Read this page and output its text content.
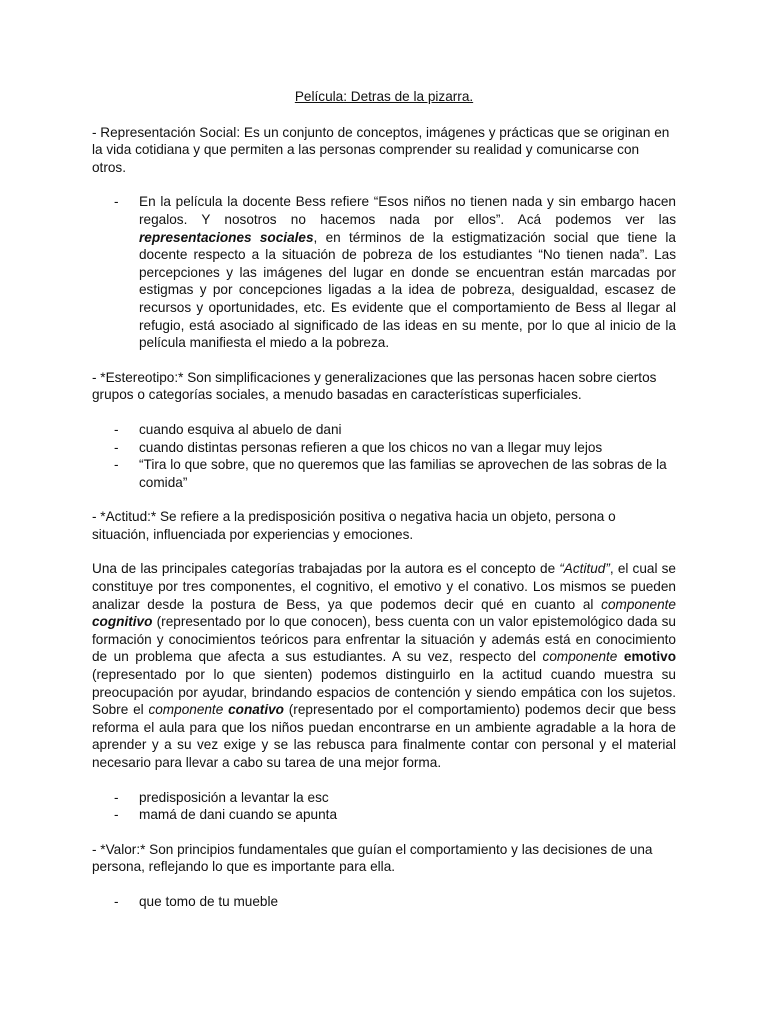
Película: Detras de la pizarra.

- Representación Social: Es un conjunto de conceptos, imágenes y prácticas que se originan en la vida cotidiana y que permiten a las personas comprender su realidad y comunicarse con otros.

- En la película la docente Bess refiere “Esos niños no tienen nada y sin embargo hacen regalos. Y nosotros no hacemos nada por ellos”. Acá podemos ver las representaciones sociales, en términos de la estigmatización social que tiene la docente respecto a la situación de pobreza de los estudiantes “No tienen nada”. Las percepciones y las imágenes del lugar en donde se encuentran están marcadas por estigmas y por concepciones ligadas a la idea de pobreza, desigualdad, escasez de recursos y oportunidades, etc. Es evidente que el comportamiento de Bess al llegar al refugio, está asociado al significado de las ideas en su mente, por lo que al inicio de la película manifiesta el miedo a la pobreza.

- *Estereotipo:* Son simplificaciones y generalizaciones que las personas hacen sobre ciertos grupos o categorías sociales, a menudo basadas en características superficiales.

- cuando esquiva al abuelo de dani
- cuando distintas personas refieren a que los chicos no van a llegar muy lejos
- “Tira lo que sobre, que no queremos que las familias se aprovechen de las sobras de la comida”

- *Actitud:* Se refiere a la predisposición positiva o negativa hacia un objeto, persona o situación, influenciada por experiencias y emociones.

Una de las principales categorías trabajadas por la autora es el concepto de “Actitud”, el cual se constituye por tres componentes, el cognitivo, el emotivo y el conativo. Los mismos se pueden analizar desde la postura de Bess, ya que podemos decir qué en cuanto al componente cognitivo (representado por lo que conocen), bess cuenta con un valor epistemológico dada su formación y conocimientos teóricos para enfrentar la situación y además está en conocimiento de un problema que afecta a sus estudiantes. A su vez, respecto del componente emotivo (representado por lo que sienten) podemos distinguirlo en la actitud cuando muestra su preocupación por ayudar, brindando espacios de contención y siendo empática con los sujetos. Sobre el componente conativo (representado por el comportamiento) podemos decir que bess reforma el aula para que los niños puedan encontrarse en un ambiente agradable a la hora de aprender y a su vez exige y se las rebusca para finalmente contar con personal y el material necesario para llevar a cabo su tarea de una mejor forma.

- predisposición a levantar la esc
- mamá de dani cuando se apunta

- *Valor:* Son principios fundamentales que guían el comportamiento y las decisiones de una persona, reflejando lo que es importante para ella.

- que tomo de tu mueble
